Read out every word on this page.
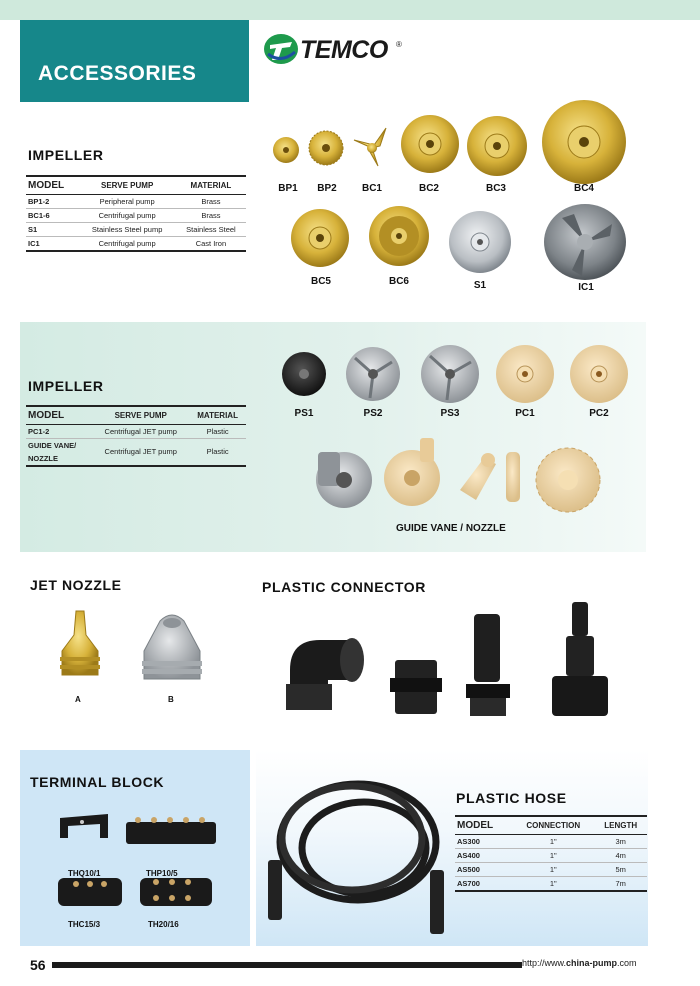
ACCESSORIES
TEMCO ®
IMPELLER
MODEL	SERVE PUMP	MATERIAL
BP1-2	Peripheral pump	Brass
BC1-6	Centrifugal pump	Brass
S1	Stainless Steel pump	Stainless Steel
IC1	Centrifugal pump	Cast Iron
BP1	BP2	BC1	BC2	BC3	BC4
BC5	BC6	S1	IC1
IMPELLER
MODEL	SERVE PUMP	MATERIAL
PC1-2	Centrifugal JET pump	Plastic
GUIDE VANE/		
NOZZLE	Centrifugal JET pump	Plastic
PS1	PS2	PS3	PC1	PC2
GUIDE VANE / NOZZLE
JET NOZZLE
A	B
PLASTIC CONNECTOR
TERMINAL BLOCK
THQ10/1	THP10/5
THC15/3	TH20/16
PLASTIC HOSE
MODEL	CONNECTION	LENGTH
AS300	1"	3m
AS400	1"	4m
AS500	1"	5m
AS700	1"	7m
56	http://www.china-pump.com
